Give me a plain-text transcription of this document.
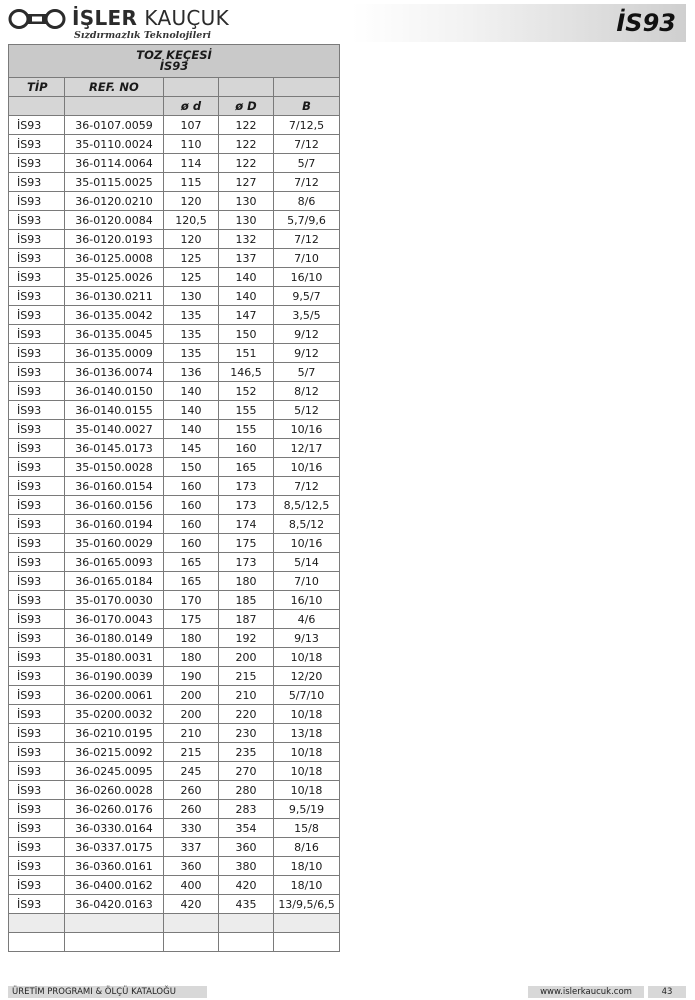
İŞLER KAUÇUK
Sızdırmazlık Teknolojileri	İS93
TOZ KEÇESİ
İS93				

TİP	REF. NO			
		ø d	ø D	B
İS93	36-0107.0059	107	122	7/12,5
İS93	35-0110.0024	110	122	7/12
İS93	36-0114.0064	114	122	5/7
İS93	35-0115.0025	115	127	7/12
İS93	36-0120.0210	120	130	8/6
İS93	36-0120.0084	120,5	130	5,7/9,6
İS93	36-0120.0193	120	132	7/12
İS93	36-0125.0008	125	137	7/10
İS93	35-0125.0026	125	140	16/10
İS93	36-0130.0211	130	140	9,5/7
İS93	36-0135.0042	135	147	3,5/5
İS93	36-0135.0045	135	150	9/12
İS93	36-0135.0009	135	151	9/12
İS93	36-0136.0074	136	146,5	5/7
İS93	36-0140.0150	140	152	8/12
İS93	36-0140.0155	140	155	5/12
İS93	35-0140.0027	140	155	10/16
İS93	36-0145.0173	145	160	12/17
İS93	35-0150.0028	150	165	10/16
İS93	36-0160.0154	160	173	7/12
İS93	36-0160.0156	160	173	8,5/12,5
İS93	36-0160.0194	160	174	8,5/12
İS93	35-0160.0029	160	175	10/16
İS93	36-0165.0093	165	173	5/14
İS93	36-0165.0184	165	180	7/10
İS93	35-0170.0030	170	185	16/10
İS93	36-0170.0043	175	187	4/6
İS93	36-0180.0149	180	192	9/13
İS93	35-0180.0031	180	200	10/18
İS93	36-0190.0039	190	215	12/20
İS93	36-0200.0061	200	210	5/7/10
İS93	35-0200.0032	200	220	10/18
İS93	36-0210.0195	210	230	13/18
İS93	36-0215.0092	215	235	10/18
İS93	36-0245.0095	245	270	10/18
İS93	36-0260.0028	260	280	10/18
İS93	36-0260.0176	260	283	9,5/19
İS93	36-0330.0164	330	354	15/8
İS93	36-0337.0175	337	360	8/16
İS93	36-0360.0161	360	380	18/10
İS93	36-0400.0162	400	420	18/10
İS93	36-0420.0163	420	435	13/9,5/6,5

ÜRETİM PROGRAMI & ÖLÇÜ KATALOĞU	www.islerkaucuk.com	43
